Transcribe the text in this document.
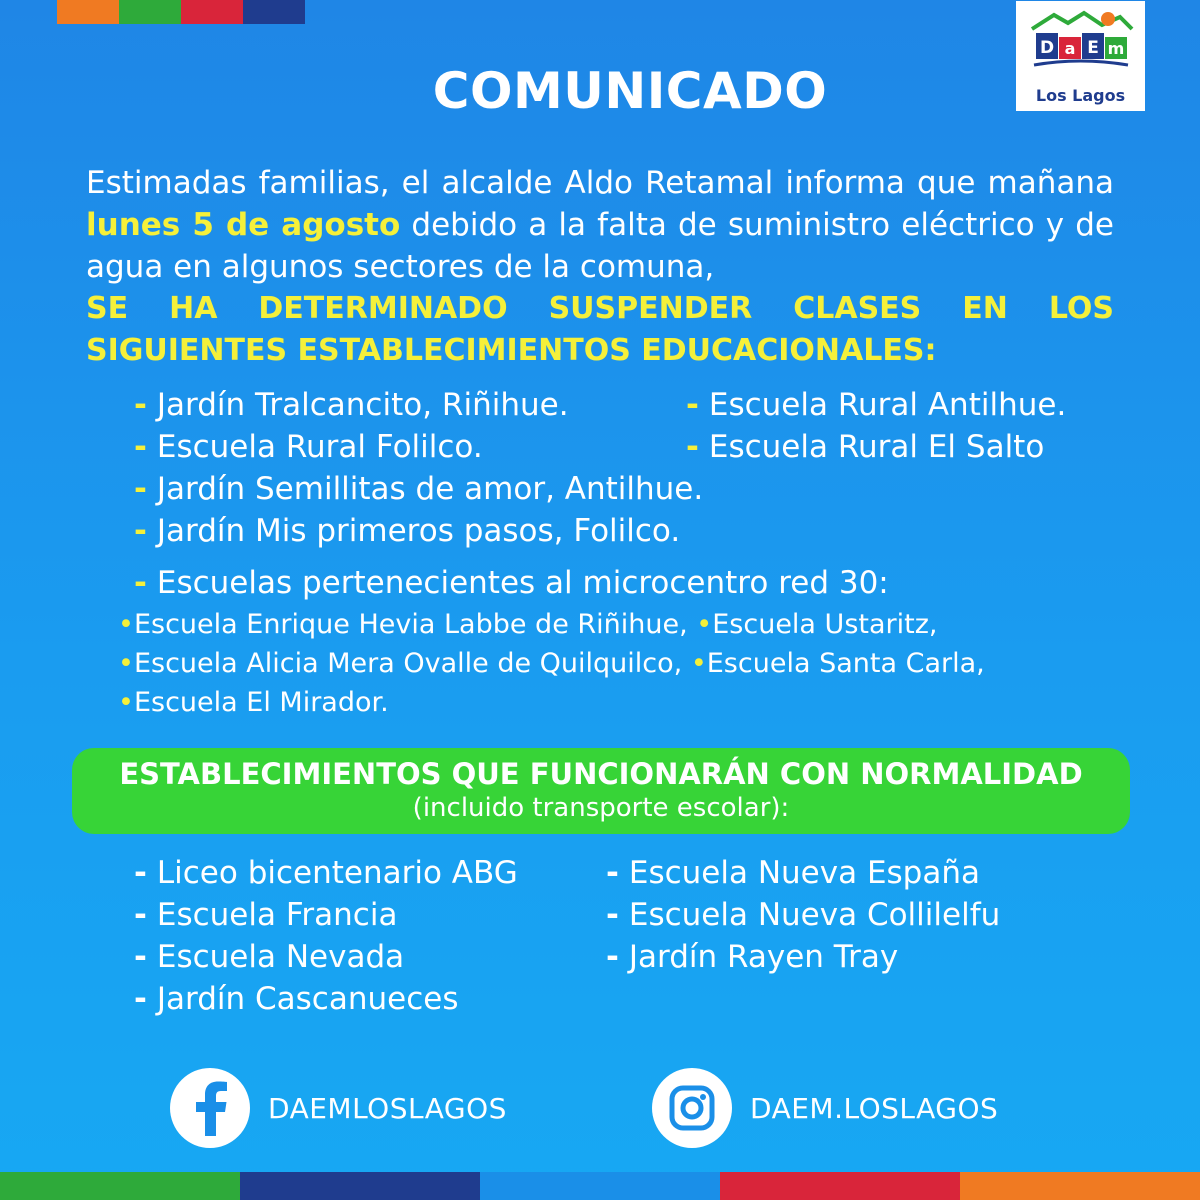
D a E m
Los Lagos
COMUNICADO
Estimadas familias, el alcalde Aldo Retamal informa que mañana lunes 5 de agosto debido a la falta de suministro eléctrico y de agua en algunos sectores de la comuna,
SE HA DETERMINADO SUSPENDER CLASES EN LOS SIGUIENTES ESTABLECIMIENTOS EDUCACIONALES:
- Jardín Tralcancito, Riñihue.
- Escuela Rural Folilco.
- Jardín Semillitas de amor, Antilhue.
- Jardín Mis primeros pasos, Folilco.
- Escuela Rural Antilhue.
- Escuela Rural El Salto
- Escuelas pertenecientes al microcentro red 30:
•Escuela Enrique Hevia Labbe de Riñihue, •Escuela Ustaritz,
•Escuela Alicia Mera Ovalle de Quilquilco, •Escuela Santa Carla,
•Escuela El Mirador.
ESTABLECIMIENTOS QUE FUNCIONARÁN CON NORMALIDAD
(incluido transporte escolar):
- Liceo bicentenario ABG
- Escuela Francia
- Escuela Nevada
- Jardín Cascanueces
- Escuela Nueva España
- Escuela Nueva Collilelfu
- Jardín Rayen Tray
DAEMLOSLAGOS	DAEM.LOSLAGOS
